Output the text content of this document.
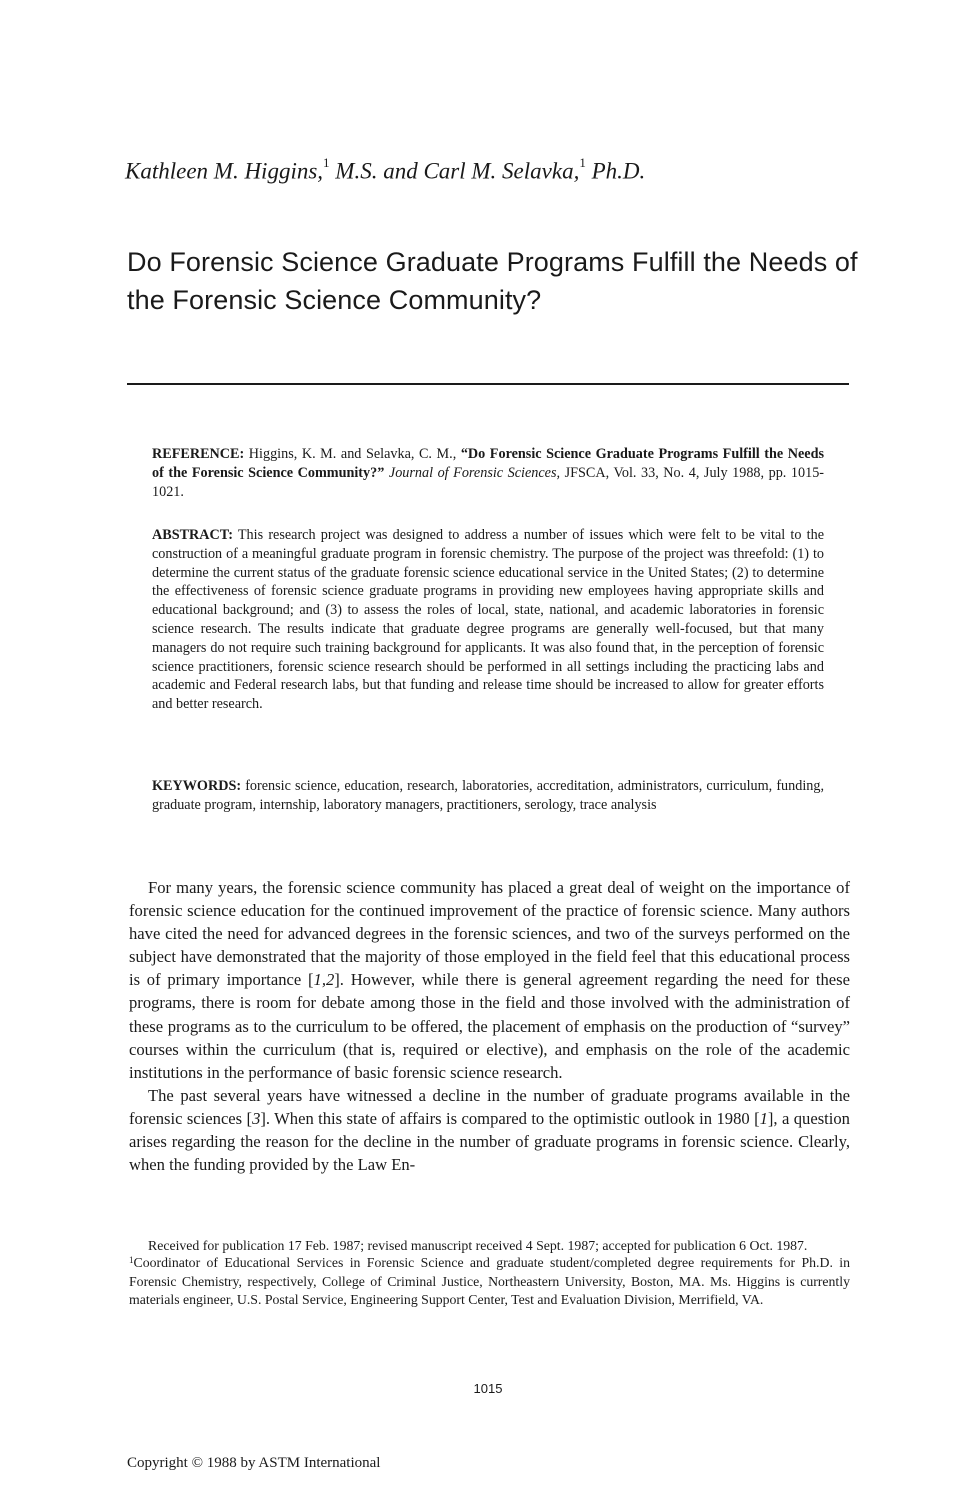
Kathleen M. Higgins,$^1$ M.S. and Carl M. Selavka,$^1$ Ph.D.
Do Forensic Science Graduate Programs Fulfill the Needs of the Forensic Science Community?
REFERENCE: Higgins, K. M. and Selavka, C. M., “Do Forensic Science Graduate Programs Fulfill the Needs of the Forensic Science Community?” Journal of Forensic Sciences, JFSCA, Vol. 33, No. 4, July 1988, pp. 1015-1021.
ABSTRACT: This research project was designed to address a number of issues which were felt to be vital to the construction of a meaningful graduate program in forensic chemistry. The purpose of the project was threefold: (1) to determine the current status of the graduate forensic science educational service in the United States; (2) to determine the effectiveness of forensic science graduate programs in providing new employees having appropriate skills and educational background; and (3) to assess the roles of local, state, national, and academic laboratories in forensic science research. The results indicate that graduate degree programs are generally well-focused, but that many managers do not require such training background for applicants. It was also found that, in the perception of forensic science practitioners, forensic science research should be performed in all settings including the practicing labs and academic and Federal research labs, but that funding and release time should be increased to allow for greater efforts and better research.
KEYWORDS: forensic science, education, research, laboratories, accreditation, administrators, curriculum, funding, graduate program, internship, laboratory managers, practitioners, serology, trace analysis

For many years, the forensic science community has placed a great deal of weight on the importance of forensic science education for the continued improvement of the practice of forensic science. Many authors have cited the need for advanced degrees in the forensic sciences, and two of the surveys performed on the subject have demonstrated that the majority of those employed in the field feel that this educational process is of primary importance [1,2]. However, while there is general agreement regarding the need for these programs, there is room for debate among those in the field and those involved with the administration of these programs as to the curriculum to be offered, the placement of emphasis on the production of “survey” courses within the curriculum (that is, required or elective), and emphasis on the role of the academic institutions in the performance of basic forensic science research.

The past several years have witnessed a decline in the number of graduate programs available in the forensic sciences [3]. When this state of affairs is compared to the optimistic outlook in 1980 [1], a question arises regarding the reason for the decline in the number of graduate programs in forensic science. Clearly, when the funding provided by the Law En-

Received for publication 17 Feb. 1987; revised manuscript received 4 Sept. 1987; accepted for publication 6 Oct. 1987.

$^1$Coordinator of Educational Services in Forensic Science and graduate student/completed degree requirements for Ph.D. in Forensic Chemistry, respectively, College of Criminal Justice, Northeastern University, Boston, MA. Ms. Higgins is currently materials engineer, U.S. Postal Service, Engineering Support Center, Test and Evaluation Division, Merrifield, VA.

1015
Copyright © 1988 by ASTM International
